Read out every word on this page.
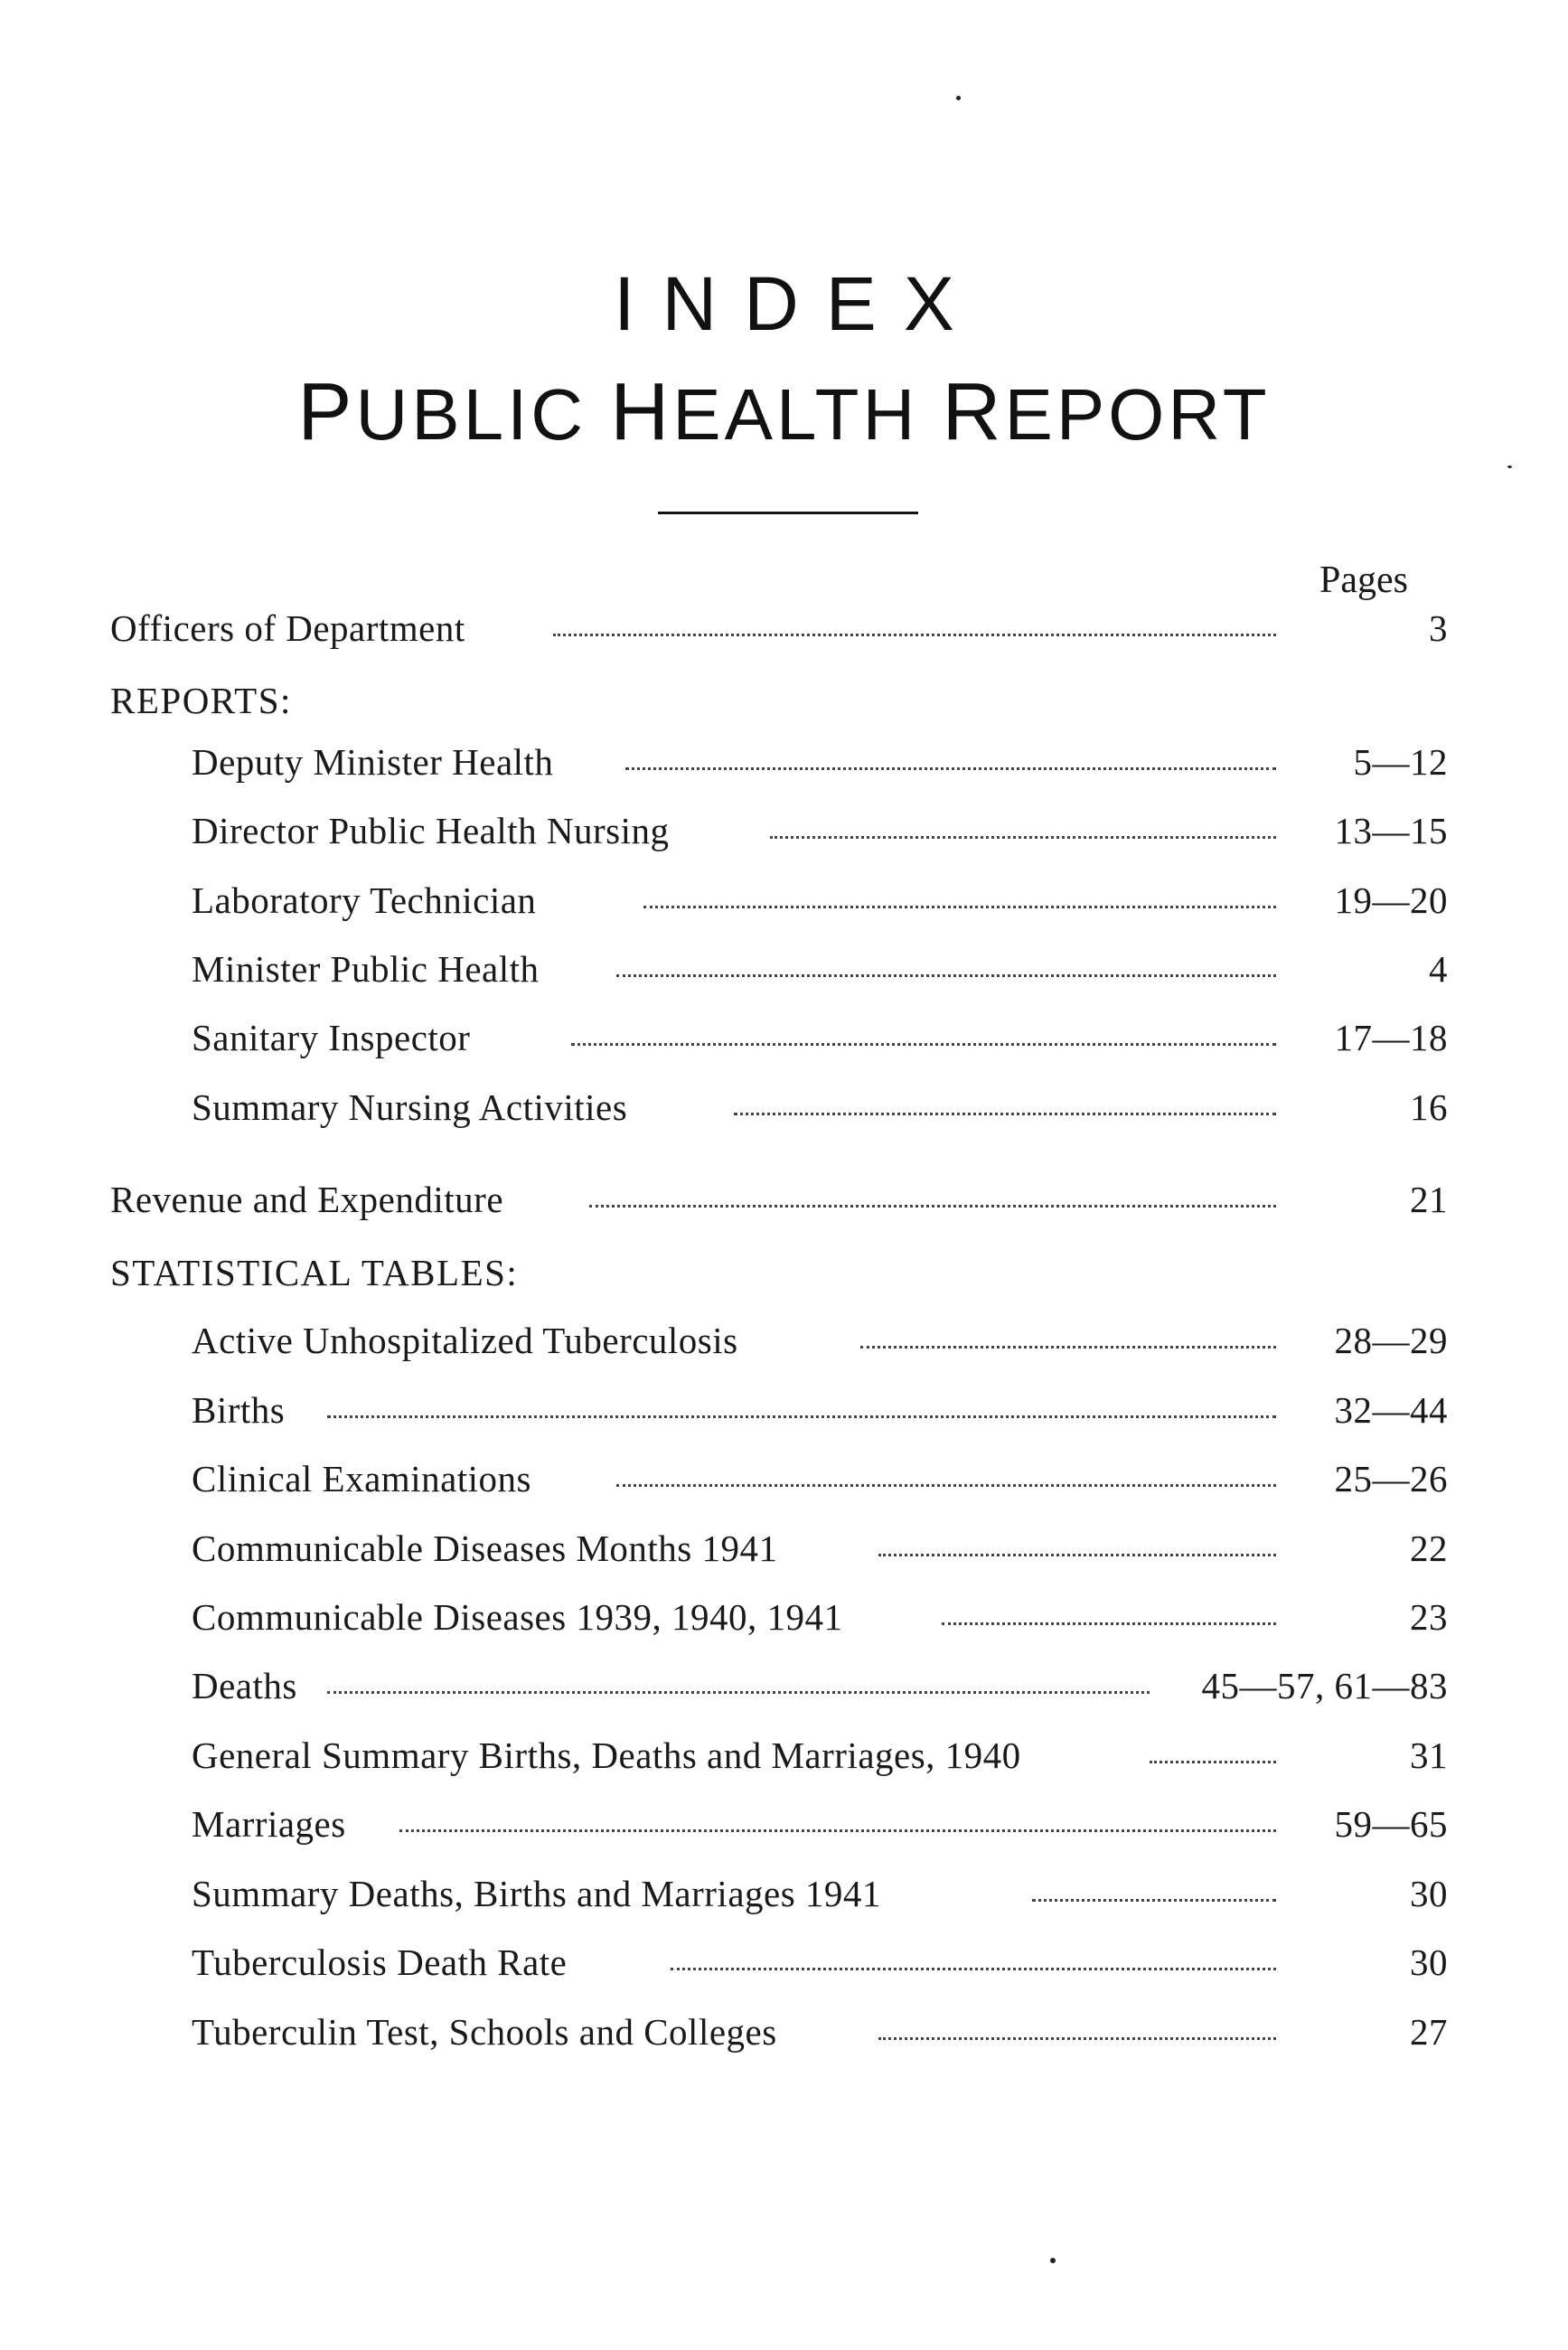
INDEX
PUBLIC HEALTH REPORT
Pages
Officers of Department	3
REPORTS:
Deputy Minister Health	5—12
Director Public Health Nursing	13—15
Laboratory Technician	19—20
Minister Public Health	4
Sanitary Inspector	17—18
Summary Nursing Activities	16
Revenue and Expenditure	21
STATISTICAL TABLES:
Active Unhospitalized Tuberculosis	28—29
Births	32—44
Clinical Examinations	25—26
Communicable Diseases Months 1941	22
Communicable Diseases 1939, 1940, 1941	23
Deaths	45—57, 61—83
General Summary Births, Deaths and Marriages, 1940	31
Marriages	59—65
Summary Deaths, Births and Marriages 1941	30
Tuberculosis Death Rate	30
Tuberculin Test, Schools and Colleges	27
